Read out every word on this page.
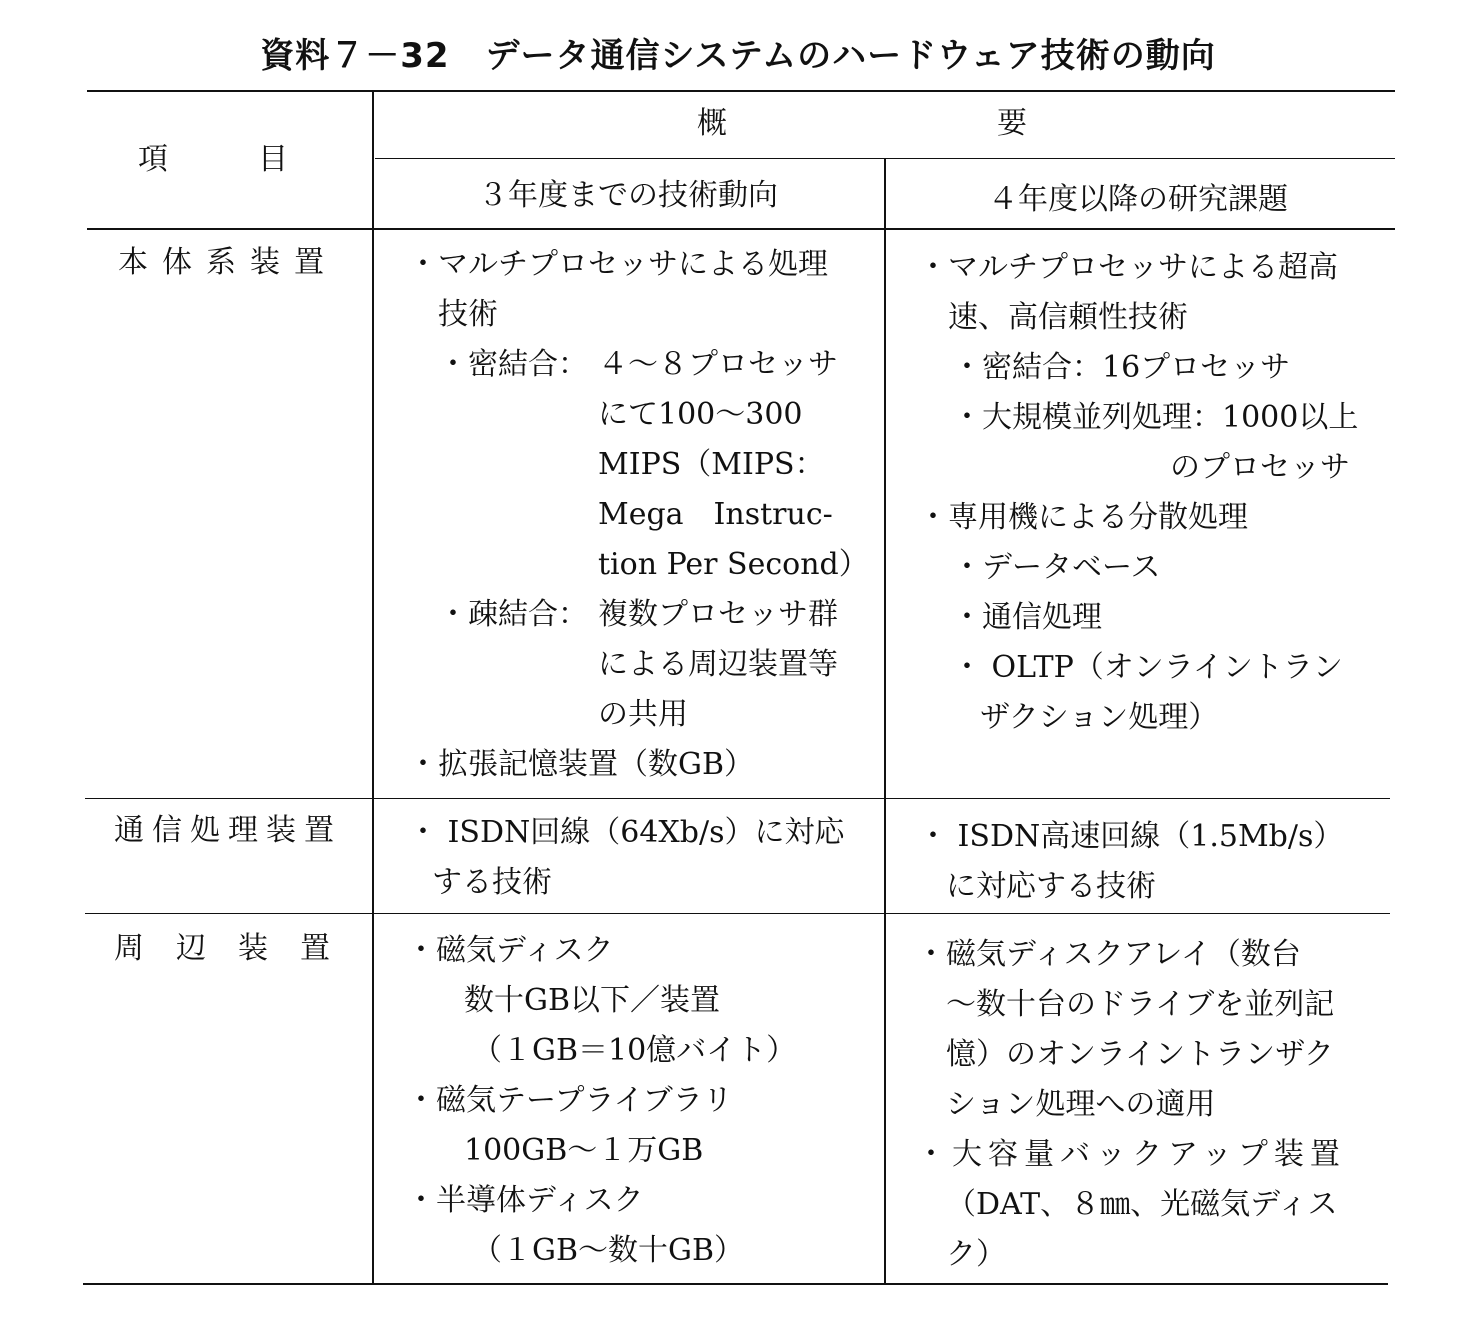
資料７－32 データ通信システムのハードウェア技術の動向
項　　　目
概　　　　　　　　　要
３年度までの技術動向	４年度以降の研究課題
本体系装置 ・マルチプロセッサによる処理
技術
・密結合： ４～８プロセッサ
にて100～300
MIPS（MIPS：
Mega　Instruc-
tion Per Second）
・疎結合： 複数プロセッサ群
による周辺装置等
の共用
・拡張記憶装置（数GB）
・マルチプロセッサによる超高
速、高信頼性技術
・密結合：16プロセッサ
・大規模並列処理：1000以上
のプロセッサ
・専用機による分散処理
・データベース
・通信処理
・ OLTP（オンライントラン
ザクション処理）
通信処理装置 ・ ISDN回線（64Xb/s）に対応
する技術
・ ISDN高速回線（1.5Mb/s）
に対応する技術
周辺装置 ・磁気ディスク
数十GB以下／装置
（１GB＝10億バイト）
・磁気テープライブラリ
100GB～１万GB
・半導体ディスク
（１GB～数十GB）
・磁気ディスクアレイ（数台
～数十台のドライブを並列記
憶）のオンライントランザク
ション処理への適用
・大容量バックアップ装置
（DAT、８㎜、光磁気ディス
ク）
